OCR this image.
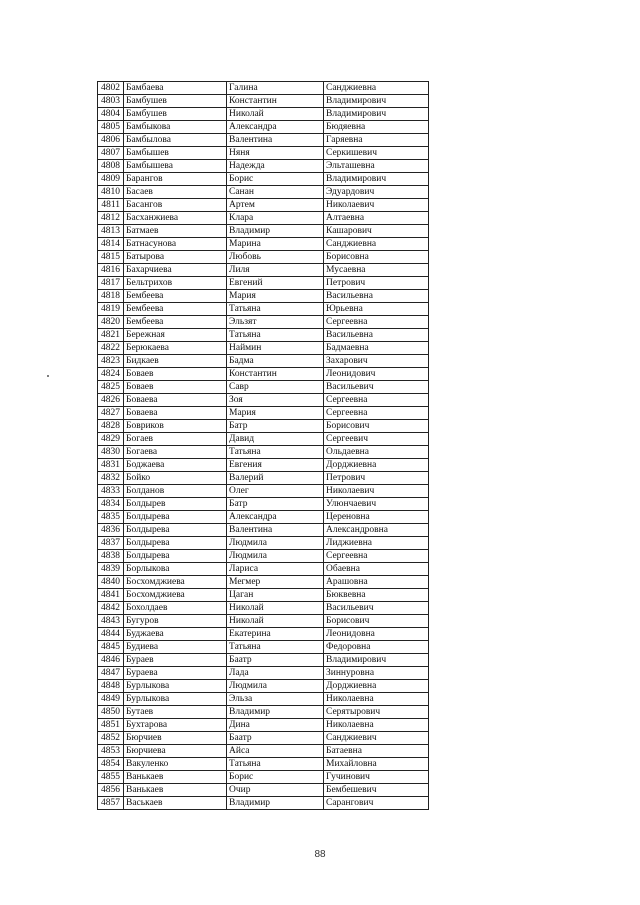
4802	Бамбаева	Галина	Санджиевна
4803	Бамбушев	Константин	Владимирович
4804	Бамбушев	Николай	Владимирович
4805	Бамбыкова	Александра	Бюдяевна
4806	Бамбылова	Валентина	Гаряевна
4807	Бамбышев	Няня	Серкишевич
4808	Бамбышева	Надежда	Эльташевна
4809	Барангов	Борис	Владимирович
4810	Басаев	Санан	Эдуардович
4811	Басангов	Артем	Николаевич
4812	Басханжиева	Клара	Алтаевна
4813	Батмаев	Владимир	Кашарович
4814	Батнасунова	Марина	Санджиевна
4815	Батырова	Любовь	Борисовна
4816	Бахарчиева	Лиля	Мусаевна
4817	Бельтрихов	Евгений	Петрович
4818	Бембеева	Мария	Васильевна
4819	Бембеева	Татьяна	Юрьевна
4820	Бембеева	Эльзят	Сергеевна
4821	Бережная	Татьяна	Васильевна
4822	Берюкаева	Наймин	Бадмаевна
4823	Бидкаев	Бадма	Захарович
4824	Боваев	Константин	Леонидович
4825	Боваев	Савр	Васильевич
4826	Боваева	Зоя	Сергеевна
4827	Боваева	Мария	Сергеевна
4828	Бовриков	Батр	Борисович
4829	Богаев	Давид	Сергеевич
4830	Богаева	Татьяна	Ольдаевна
4831	Боджаева	Евгения	Дорджиевна
4832	Бойко	Валерий	Петрович
4833	Болданов	Олег	Николаевич
4834	Болдырев	Батр	Улюнчаевич
4835	Болдырева	Александра	Цереновна
4836	Болдырева	Валентина	Александровна
4837	Болдырева	Людмила	Лиджиевна
4838	Болдырева	Людмила	Сергеевна
4839	Борлыкова	Лариса	Обаевна
4840	Босхомджиева	Мегмер	Арашовна
4841	Босхомджиева	Цаган	Бюквевна
4842	Бохолдаев	Николай	Васильевич
4843	Бугуров	Николай	Борисович
4844	Буджаева	Екатерина	Леонидовна
4845	Будиева	Татьяна	Федоровна
4846	Бураев	Баатр	Владимирович
4847	Бураева	Лада	Зиннуровна
4848	Бурлыкова	Людмила	Дорджиевна
4849	Бурлыкова	Эльза	Николаевна
4850	Бутаев	Владимир	Серятырович
4851	Бухтарова	Дина	Николаевна
4852	Бюрчиев	Баатр	Санджиевич
4853	Бюрчиева	Айса	Батаевна
4854	Вакуленко	Татьяна	Михайловна
4855	Ванькаев	Борис	Гучинович
4856	Ванькаев	Очир	Бембешевич
4857	Васькаев	Владимир	Сарангович
88
